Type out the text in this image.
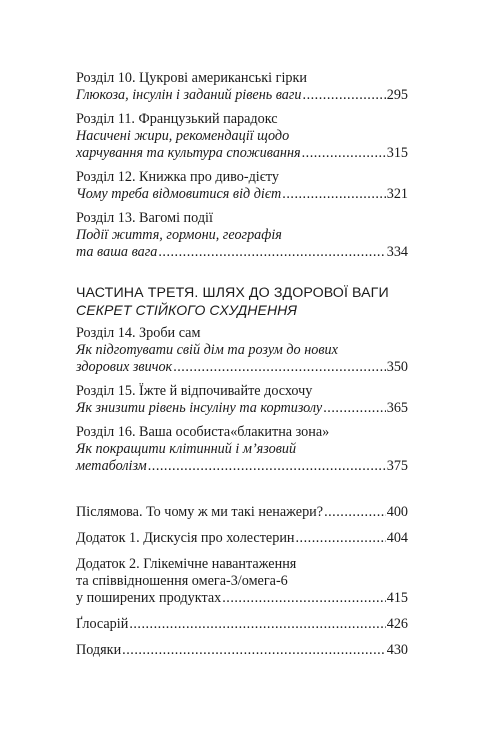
Розділ 10. Цукрові американські гірки
Глюкоза, інсулін і заданий рівень ваги .....	295
Розділ 11. Французький парадокс
Насичені жири, рекомендації щодо
харчування та культура споживання .....	315
Розділ 12. Книжка про диво-дієту
Чому треба відмовитися від дієт .....	321
Розділ 13. Вагомі події
Події життя, гормони, географія
та ваша вага .....	334
ЧАСТИНА ТРЕТЯ. ШЛЯХ ДО ЗДОРОВОЇ ВАГИ
СЕКРЕТ СТІЙКОГО СХУДНЕННЯ
Розділ 14. Зроби сам
Як підготувати свій дім та розум до нових
здорових звичок .....	350
Розділ 15. Їжте й відпочивайте досхочу
Як знизити рівень інсуліну та кортизолу .....	365
Розділ 16. Ваша особиста«блакитна зона»
Як покращити клітинний і м’язовий
метаболізм .....	375
Післямова. То чому ж ми такі ненажери? .....	400
Додаток 1. Дискусія про холестерин .....	404
Додаток 2. Глікемічне навантаження
та співвідношення омега-3/омега-6
у поширених продуктах .....	415
Ґлосарій .....	426
Подяки .....	430
